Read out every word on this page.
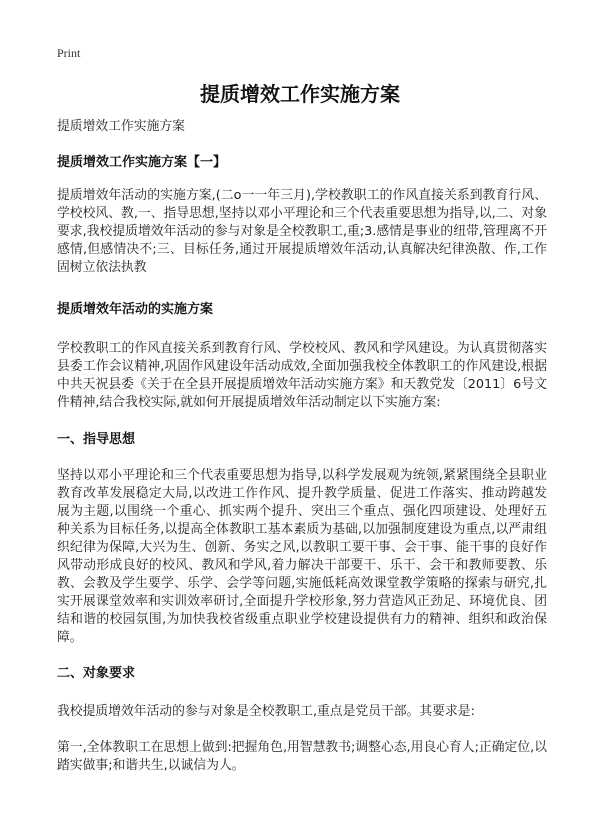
Print
提质增效工作实施方案
提质增效工作实施方案
提质增效工作实施方案【一】
提质增效年活动的实施方案,(二o一一年三月),学校教职工的作风直接关系到教育行风、学校校风、教,一、指导思想,坚持以邓小平理论和三个代表重要思想为指导,以,二、对象要求,我校提质增效年活动的参与对象是全校教职工,重;3.感情是事业的纽带,管理离不开感情,但感情决不;三、目标任务,通过开展提质增效年活动,认真解决纪律涣散、作,工作固树立依法执教
提质增效年活动的实施方案
学校教职工的作风直接关系到教育行风、学校校风、教风和学风建设。为认真贯彻落实县委工作会议精神,巩固作风建设年活动成效,全面加强我校全体教职工的作风建设,根据中共天祝县委《关于在全县开展提质增效年活动实施方案》和天教党发〔2011〕6号文件精神,结合我校实际,就如何开展提质增效年活动制定以下实施方案:
一、指导思想
坚持以邓小平理论和三个代表重要思想为指导,以科学发展观为统领,紧紧围绕全县职业教育改革发展稳定大局,以改进工作作风、提升教学质量、促进工作落实、推动跨越发展为主题,以围绕一个重心、抓实两个提升、突出三个重点、强化四项建设、处理好五种关系为目标任务,以提高全体教职工基本素质为基础,以加强制度建设为重点,以严肃组织纪律为保障,大兴为生、创新、务实之风,以教职工要干事、会干事、能干事的良好作风带动形成良好的校风、教风和学风,着力解决干部要干、乐干、会干和教师要教、乐教、会教及学生要学、乐学、会学等问题,实施低耗高效课堂教学策略的探索与研究,扎实开展课堂效率和实训效率研讨,全面提升学校形象,努力营造风正劲足、环境优良、团结和谐的校园氛围,为加快我校省级重点职业学校建设提供有力的精神、组织和政治保障。
二、对象要求
我校提质增效年活动的参与对象是全校教职工,重点是党员干部。其要求是:
第一,全体教职工在思想上做到:把握角色,用智慧教书;调整心态,用良心育人;正确定位,以踏实做事;和谐共生,以诚信为人。
